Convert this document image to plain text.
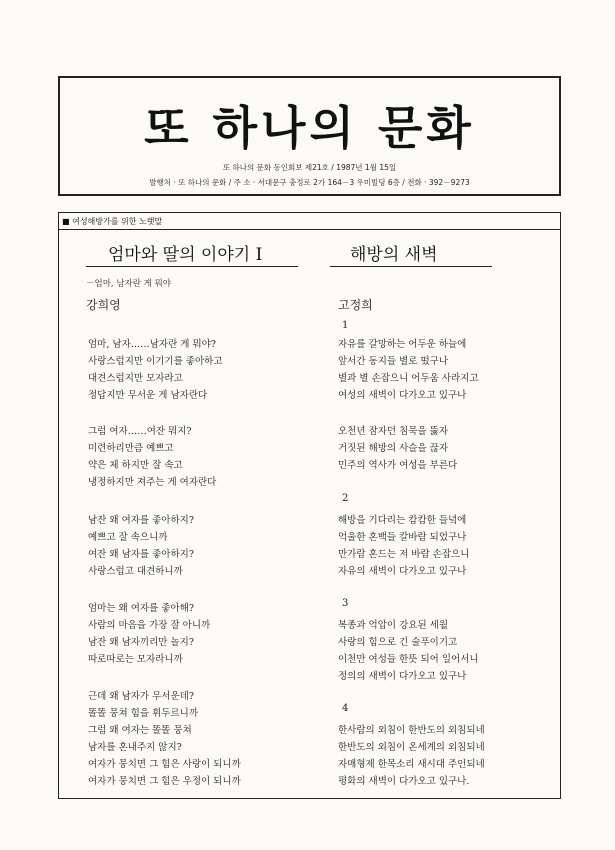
또 하나의 문화
또 하나의 문화 동인회보 제21호 / 1987년 1월 15일
발행처 · 또 하나의 문화 / 주 소 · 서대문구 충정로 2가 164－3 우미빌딩 6층 / 전화 · 392－9273
■ 여성해방가를 위한 노랫말
엄마와 딸의 이야기 I
－엄마, 남자란 게 뭐야
강희영
엄마, 남자……남자란 게 뭐야?
사랑스럽지만 이기기를 좋아하고
대견스럽지만 모자라고
정답지만 무서운 게 남자란다
그럼 여자……여잔 뭐지?
미련하리만큼 예쁘고
약은 체 하지만 잘 속고
냉정하지만 져주는 게 여자란다
남잔 왜 여자를 좋아하지?
예쁘고 잘 속으니까
여잔 왜 남자를 좋아하지?
사랑스럽고 대견하니까
엄마는 왜 여자를 좋아해?
사람의 마음을 가장 잘 아니까
남잔 왜 남자끼리만 놀지?
따로따로는 모자라니까
근데 왜 남자가 무서운데?
똘똘 뭉쳐 힘을 휘두르니까
그럼 왜 여자는 똘똘 뭉쳐
남자를 혼내주지 않지?
여자가 뭉치면 그 힘은 사랑이 되니까
여자가 뭉치면 그 힘은 우정이 되니까
해방의 새벽
고정희
1
자유를 갈망하는 어두운 하늘에
앞서간 동지들 별로 떴구나
별과 별 손잡으니 어두움 사라지고
여성의 새벽이 다가오고 있구나
오천년 잠자던 침묵을 뚫자
거짓된 해방의 사슬을 끊자
민주의 역사가 여성을 부른다
2
해방을 기다리는 캄캄한 들녘에
억울한 혼백들 칼바람 되었구나
만가람 혼드는 저 바람 손잡으니
자유의 새벽이 다가오고 있구나
3
복종과 억압이 강요된 세월
사랑의 힘으로 긴 술푸이기고
이천만 여성들 한뜻 되어 일어서니
정의의 새벽이 다가오고 있구나
4
한사람의 외침이 한반도의 외침되네
한반도의 외침이 온세계의 외침되네
자매형제 한목소리 새시대 주인되네
평화의 새벽이 다가오고 있구나.
